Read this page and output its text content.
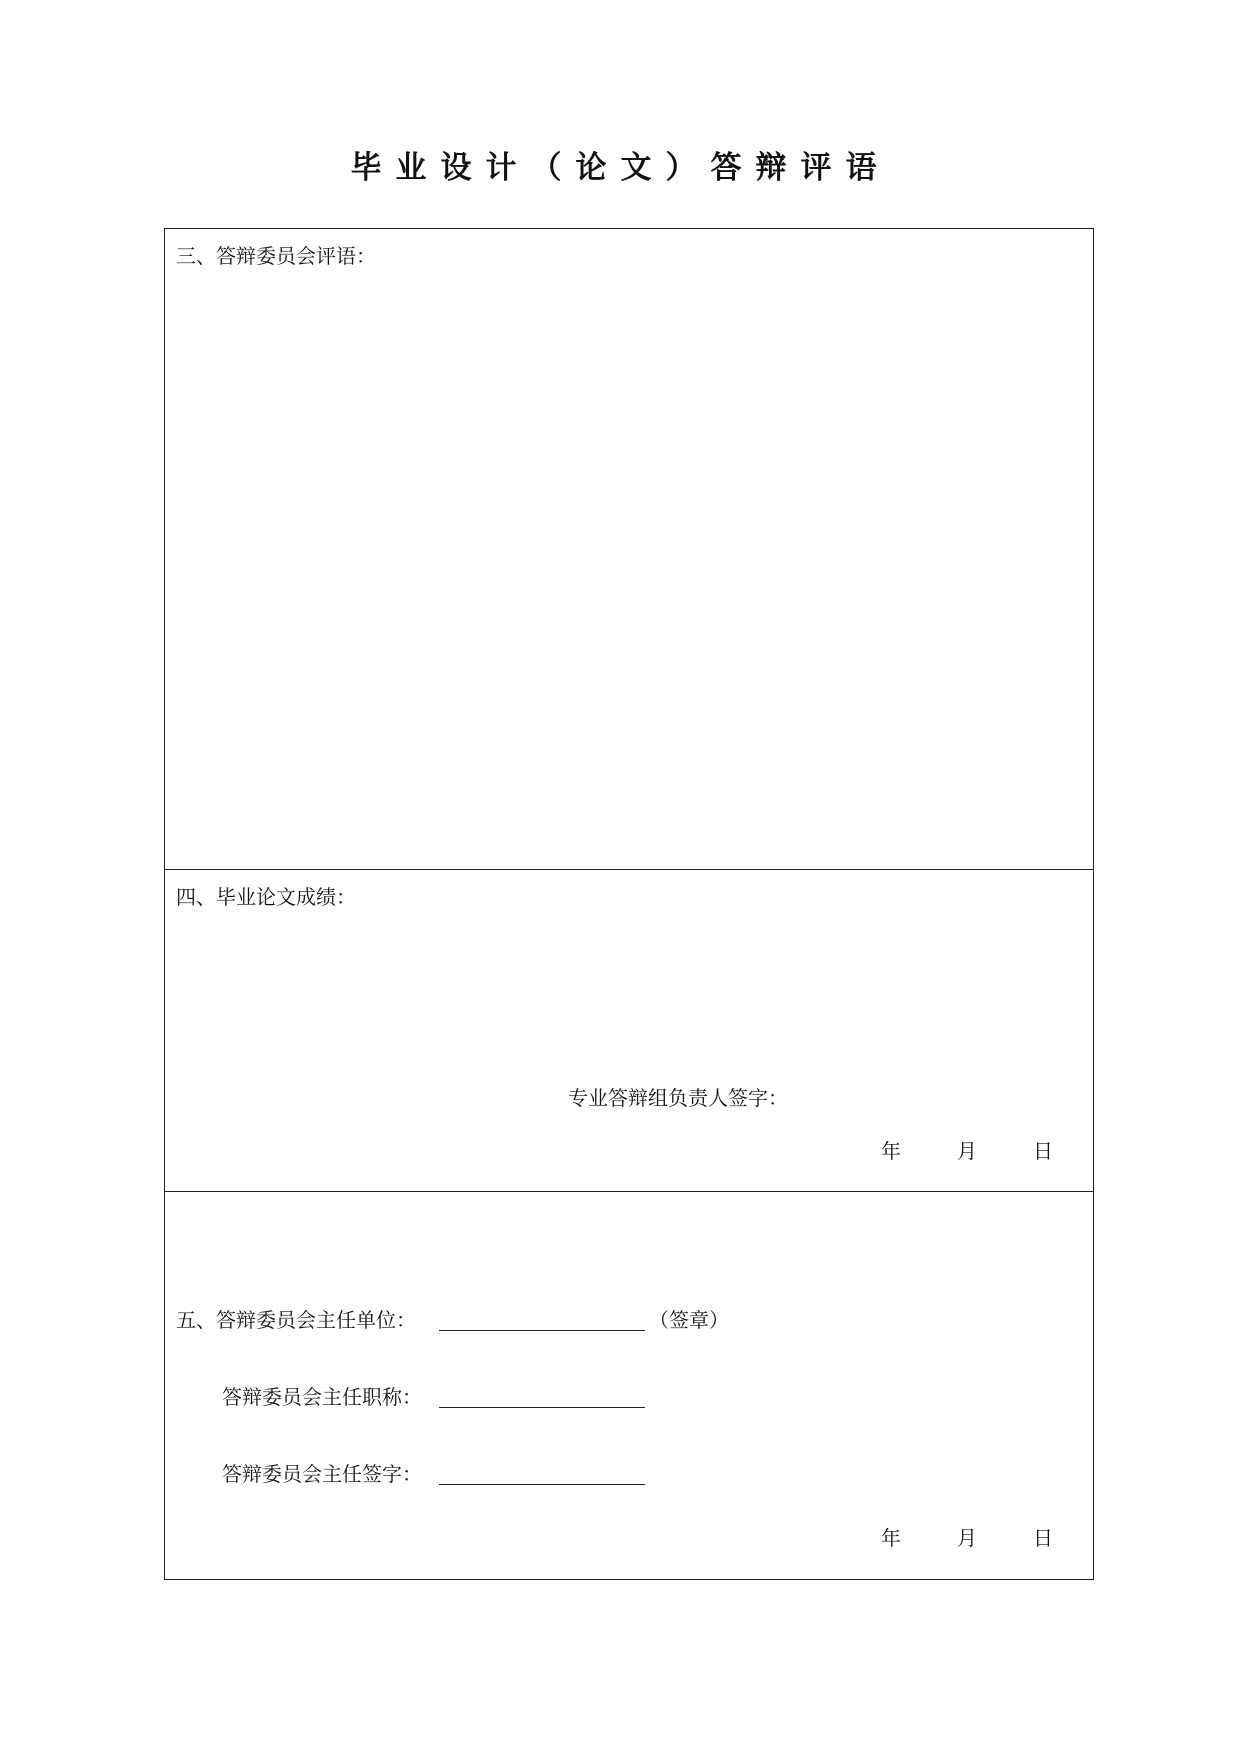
毕业设计（论文）答辩评语
三、答辩委员会评语：
四、毕业论文成绩：
专业答辩组负责人签字：
年	月	日
五、答辩委员会主任单位：	（签章）
答辩委员会主任职称：
答辩委员会主任签字：
年	月	日
